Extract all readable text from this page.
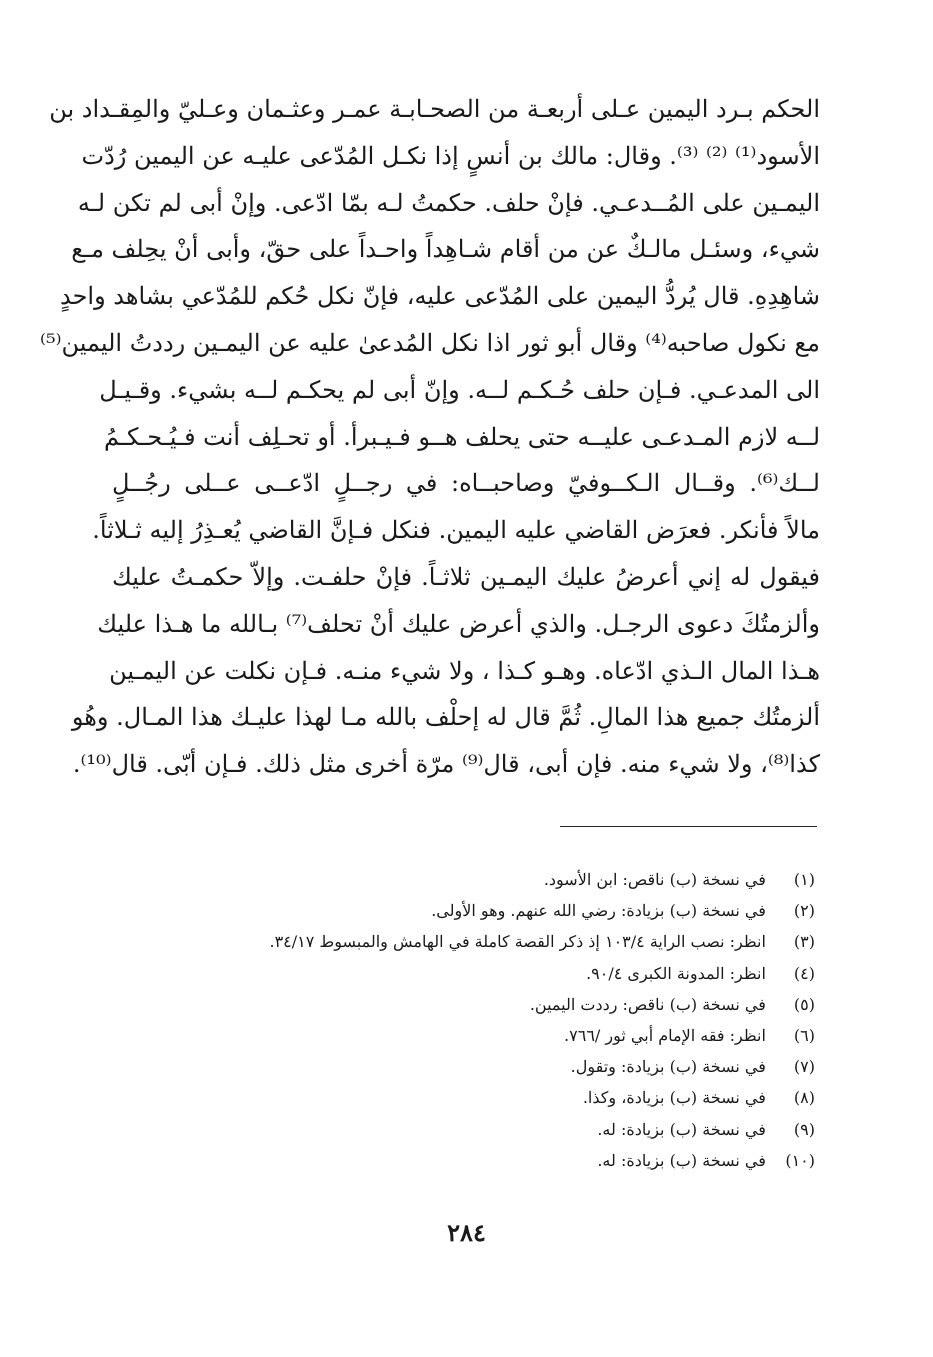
الحكم بـرد اليمين عـلى أربعـة من الصحـابـة عمـر وعثـمان وعـليّ والمِقـداد بن
الأسود⁽¹⁾ ⁽²⁾ ⁽³⁾. وقال: مالك بن أنسٍ إذا نكـل المُدّعى عليـه عن اليمين رُدّت
اليمـين على المُــدعـي. فإنْ حلف. حكمتُ لـه بمّا ادّعى. وإنْ أبى لم تكن لـه
شيء، وسئـل مالـكٌ عن من أقام شـاهِداً واحـداً على حقّ، وأبى أنْ يحِلف مـع
شاهِدِهِ. قال يُردُّ اليمين على المُدّعى عليه، فإنّ نكل حُكم للمُدّعي بشاهد واحدٍ
مع نكول صاحبه⁽⁴⁾ وقال أبو ثور اذا نكل المُدعىٰ عليه عن اليمـين رددتُ اليمين⁽⁵⁾
الى المدعـي. فـإن حلف حُـكـم لــه. وإنّ أبى لم يحكـم لــه بشيء. وقـيـل
لــه لازم المـدعـى عليــه حتى يحلف هــو فـيـبرأ. أو تحـلِف أنت فـيُـحـكـمُ
لــك⁽⁶⁾. وقــال الـكــوفيّ وصاحبــاه: في رجــلٍ ادّعــى عــلى رجُــلٍ
مالاً فأنكر. فعرَض القاضي عليه اليمين. فنكل فـإنَّ القاضي يُعـذِرُ إليه ثـلاثاً.
فيقول له إني أعرضُ عليك اليمـين ثلاثـاً. فإنْ حلفـت. وإلاّ حكمـتُ عليك
وألزمتُكَ دعوى الرجـل. والذي أعرض عليك أنْ تحلف⁽⁷⁾ بـالله ما هـذا عليك
هـذا المال الـذي ادّعاه. وهـو كـذا ، ولا شيء منـه. فـإن نكلت عن اليمـين
ألزمتُك جميع هذا المالِ. ثُمَّ قال له إحلْف بالله مـا لهذا عليـك هذا المـال. وهُو
كذا⁽⁸⁾، ولا شيء منه. فإن أبى، قال⁽⁹⁾ مرّة أخرى مثل ذلك. فـإن أبّى. قال⁽¹⁰⁾.
(١) في نسخة (ب) ناقص: ابن الأسود.
(٢) في نسخة (ب) بزيادة: رضي الله عنهم. وهو الأولى.
(٣) انظر: نصب الراية ١٠٣/٤ إذ ذكر القصة كاملة في الهامش والمبسوط ٣٤/١٧.
(٤) انظر: المدونة الكبرى ٩٠/٤.
(٥) في نسخة (ب) ناقص: رددت اليمين.
(٦) انظر: فقه الإمام أبي ثور /٧٦٦.
(٧) في نسخة (ب) بزيادة: وتقول.
(٨) في نسخة (ب) بزيادة، وكذا.
(٩) في نسخة (ب) بزيادة: له.
(١٠) في نسخة (ب) بزيادة: له.
٢٨٤
